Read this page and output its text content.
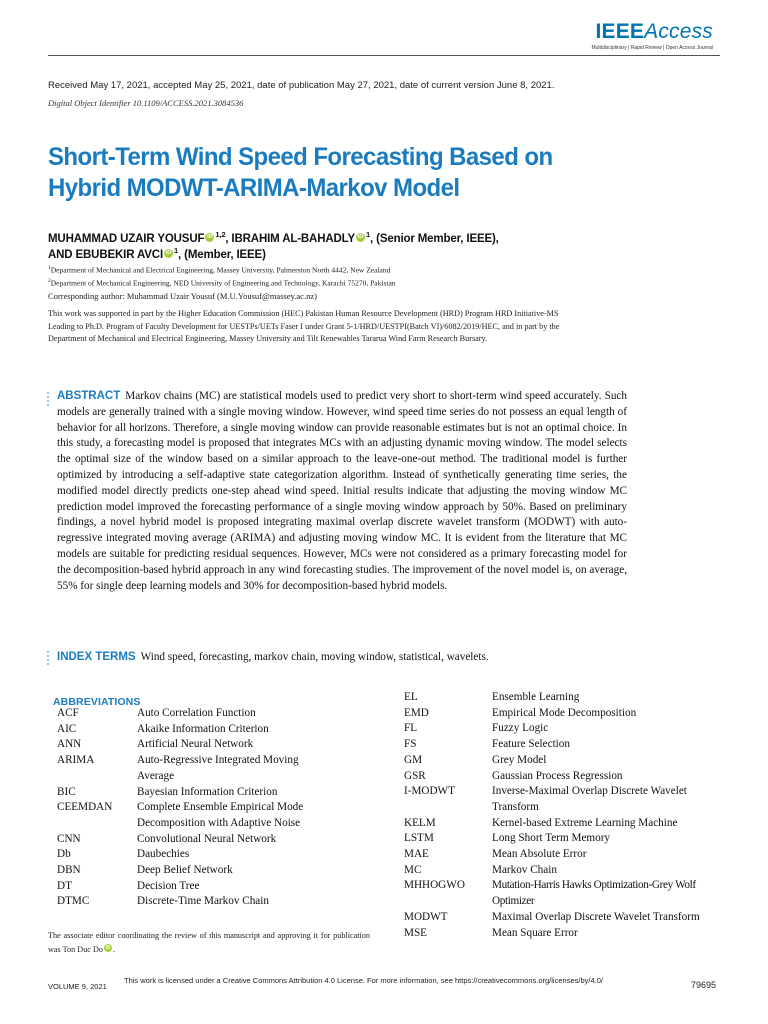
IEEEAccess
Multidisciplinary | Rapid Review | Open Access Journal
Received May 17, 2021, accepted May 25, 2021, date of publication May 27, 2021, date of current version June 8, 2021.
Digital Object Identifier 10.1109/ACCESS.2021.3084536
Short-Term Wind Speed Forecasting Based on
Hybrid MODWT-ARIMA-Markov Model
MUHAMMAD UZAIR YOUSUF iD $^{1,2}$, IBRAHIM AL-BAHADLY iD $^1$, (Senior Member, IEEE),
AND EBUBEKIR AVCI iD $^1$, (Member, IEEE)
$^1$Department of Mechanical and Electrical Engineering, Massey University, Palmerston North 4442, New Zealand
$^2$Department of Mechanical Engineering, NED University of Engineering and Technology, Karachi 75270, Pakistan
Corresponding author: Muhammad Uzair Yousuf (M.U.Yousuf@massey.ac.nz)
This work was supported in part by the Higher Education Commission (HEC) Pakistan Human Resource Development (HRD) Program HRD Initiative-MS Leading to Ph.D. Program of Faculty Development for UESTPs/UETs Faser I under Grant 5-1/HRD/UESTPI(Batch VI)/6082/2019/HEC, and in part by the Department of Mechanical and Electrical Engineering, Massey University and Tilt Renewables Tararua Wind Farm Research Bursary.
ABSTRACT Markov chains (MC) are statistical models used to predict very short to short-term wind speed accurately. Such models are generally trained with a single moving window. However, wind speed time series do not possess an equal length of behavior for all horizons. Therefore, a single moving window can provide reasonable estimates but is not an optimal choice. In this study, a forecasting model is proposed that integrates MCs with an adjusting dynamic moving window. The model selects the optimal size of the window based on a similar approach to the leave-one-out method. The traditional model is further optimized by introducing a self-adaptive state categorization algorithm. Instead of synthetically generating time series, the modified model directly predicts one-step ahead wind speed. Initial results indicate that adjusting the moving window MC prediction model improved the forecasting performance of a single moving window approach by 50%. Based on preliminary findings, a novel hybrid model is proposed integrating maximal overlap discrete wavelet transform (MODWT) with auto-regressive integrated moving average (ARIMA) and adjusting moving window MC. It is evident from the literature that MC models are suitable for predicting residual sequences. However, MCs were not considered as a primary forecasting model for the decomposition-based hybrid approach in any wind forecasting studies. The improvement of the novel model is, on average, 55% for single deep learning models and 30% for decomposition-based hybrid models.
INDEX TERMS Wind speed, forecasting, markov chain, moving window, statistical, wavelets.
ABBREVIATIONS
ACF	Auto Correlation Function
AIC	Akaike Information Criterion
ANN	Artificial Neural Network
ARIMA	Auto-Regressive Integrated Moving Average
BIC	Bayesian Information Criterion
CEEMDAN Complete Ensemble Empirical Mode Decomposition with Adaptive Noise
CNN	Convolutional Neural Network
Db	Daubechies
DBN	Deep Belief Network
DT	Decision Tree
DTMC	Discrete-Time Markov Chain
EL	Ensemble Learning
EMD	Empirical Mode Decomposition
FL	Fuzzy Logic
FS	Feature Selection
GM	Grey Model
GSR	Gaussian Process Regression
I-MODWT	Inverse-Maximal Overlap Discrete Wavelet Transform
KELM	Kernel-based Extreme Learning Machine
LSTM	Long Short Term Memory
MAE	Mean Absolute Error
MC	Markov Chain
MHHOGWO Mutation-Harris Hawks Optimization-Grey Wolf Optimizer
MODWT	Maximal Overlap Discrete Wavelet Transform
MSE	Mean Square Error
The associate editor coordinating the review of this manuscript and approving it for publication was Ton Duc Do iD .
VOLUME 9, 2021
This work is licensed under a Creative Commons Attribution 4.0 License. For more information, see https://creativecommons.org/licenses/by/4.0/	79695
